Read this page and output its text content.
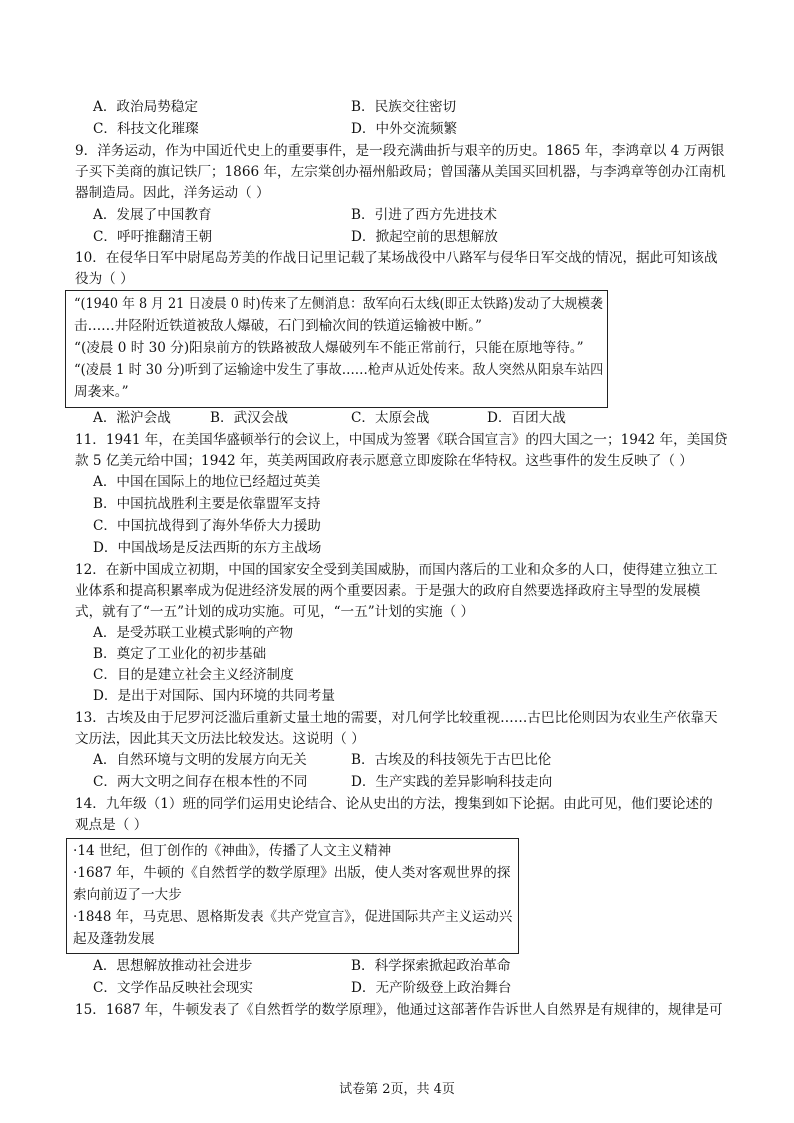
A．政治局势稳定	B．民族交往密切
C．科技文化璀璨	D．中外交流频繁
9．洋务运动，作为中国近代史上的重要事件，是一段充满曲折与艰辛的历史。1865 年，李鸿章以 4 万两银
子买下美商的旗记铁厂；1866 年，左宗棠创办福州船政局；曾国藩从美国买回机器，与李鸿章等创办江南机
器制造局。因此，洋务运动（ ）
A．发展了中国教育	B．引进了西方先进技术
C．呼吁推翻清王朝	D．掀起空前的思想解放
10．在侵华日军中尉尾岛芳美的作战日记里记载了某场战役中八路军与侵华日军交战的情况，据此可知该战
役为（ ）
“(1940 年 8 月 21 日凌晨 0 时)传来了左侧消息：敌军向石太线(即正太铁路)发动了大规模袭
击……井陉附近铁道被敌人爆破，石门到榆次间的铁道运输被中断。”
“(凌晨 0 时 30 分)阳泉前方的铁路被敌人爆破列车不能正常前行，只能在原地等待。”
“(凌晨 1 时 30 分)听到了运输途中发生了事故……枪声从近处传来。敌人突然从阳泉车站四
周袭来。”
A．淞沪会战	B．武汉会战	C．太原会战	D．百团大战
11．1941 年，在美国华盛顿举行的会议上，中国成为签署《联合国宣言》的四大国之一；1942 年，美国贷
款 5 亿美元给中国；1942 年，英美两国政府表示愿意立即废除在华特权。这些事件的发生反映了（ ）
A．中国在国际上的地位已经超过英美
B．中国抗战胜利主要是依靠盟军支持
C．中国抗战得到了海外华侨大力援助
D．中国战场是反法西斯的东方主战场
12．在新中国成立初期，中国的国家安全受到美国威胁，而国内落后的工业和众多的人口，使得建立独立工
业体系和提高积累率成为促进经济发展的两个重要因素。于是强大的政府自然要选择政府主导型的发展模
式，就有了“一五”计划的成功实施。可见，“一五”计划的实施（ ）
A．是受苏联工业模式影响的产物
B．奠定了工业化的初步基础
C．目的是建立社会主义经济制度
D．是出于对国际、国内环境的共同考量
13．古埃及由于尼罗河泛滥后重新丈量土地的需要，对几何学比较重视……古巴比伦则因为农业生产依靠天
文历法，因此其天文历法比较发达。这说明（ ）
A．自然环境与文明的发展方向无关	B．古埃及的科技领先于古巴比伦
C．两大文明之间存在根本性的不同	D．生产实践的差异影响科技走向
14．九年级（1）班的同学们运用史论结合、论从史出的方法，搜集到如下论据。由此可见，他们要论述的
观点是（ ）
·14 世纪，但丁创作的《神曲》，传播了人文主义精神
·1687 年，牛顿的《自然哲学的数学原理》出版，使人类对客观世界的探
索向前迈了一大步
·1848 年，马克思、恩格斯发表《共产党宣言》，促进国际共产主义运动兴
起及蓬勃发展
A．思想解放推动社会进步	B．科学探索掀起政治革命
C．文学作品反映社会现实	D．无产阶级登上政治舞台
15．1687 年，牛顿发表了《自然哲学的数学原理》，他通过这部著作告诉世人自然界是有规律的，规律是可
试卷第 2页，共 4页
